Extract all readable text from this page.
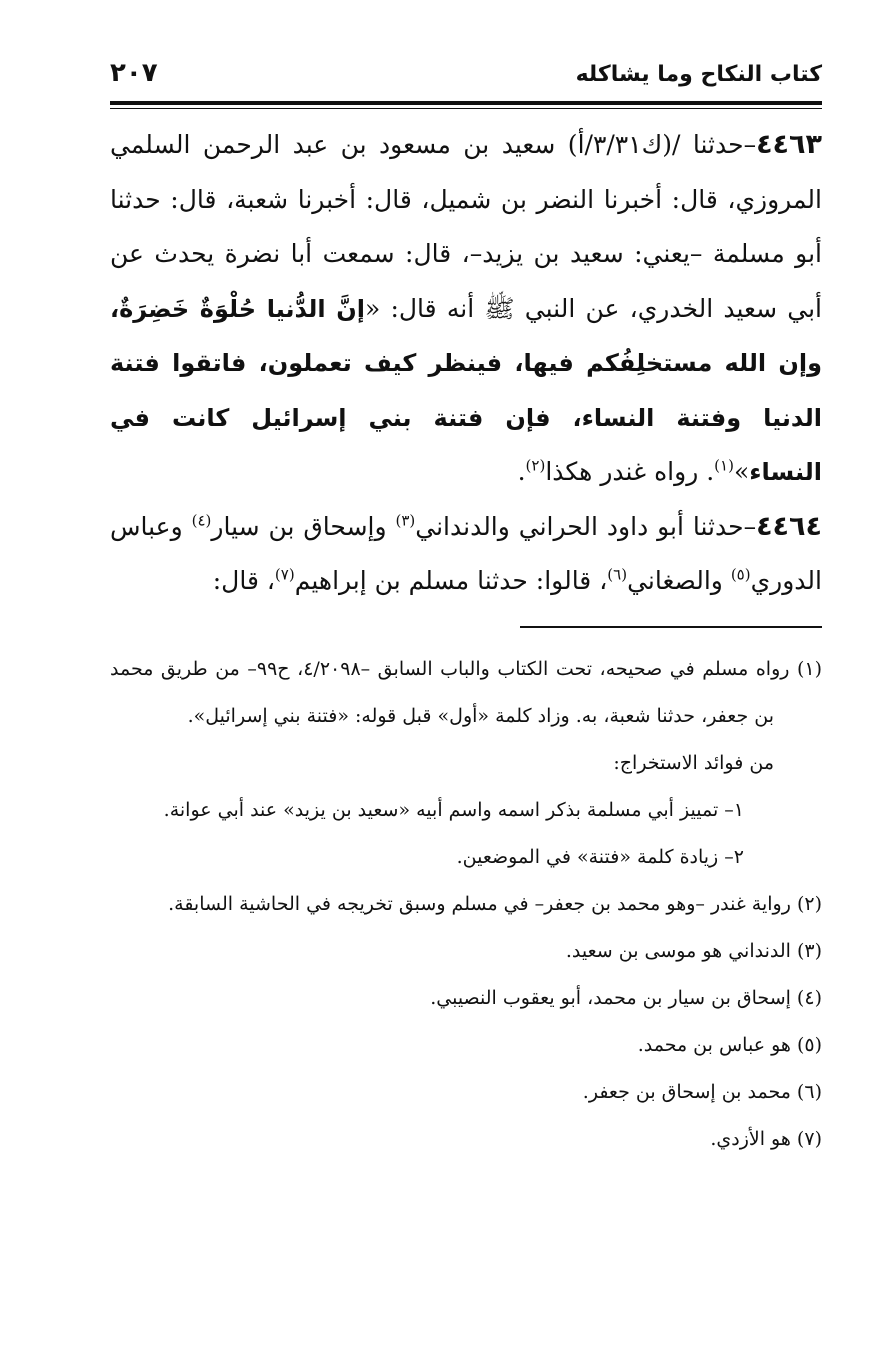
كتاب النكاح وما يشاكله
٢٠٧

٤٤٦٣–حدثنا /(ك٣/٣١/أ) سعيد بن مسعود بن عبد الرحمن السلمي المروزي، قال: أخبرنا النضر بن شميل، قال: أخبرنا شعبة، قال: حدثنا أبو مسلمة –يعني: سعيد بن يزيد–، قال: سمعت أبا نضرة يحدث عن أبي سعيد الخدري، عن النبي ﷺ أنه قال: «إنَّ الدُّنيا حُلْوَةٌ خَضِرَةٌ، وإن الله مستخلِفُكم فيها، فينظر كيف تعملون، فاتقوا فتنة الدنيا وفتنة النساء، فإن فتنة بني إسرائيل كانت في النساء»$^{(١)}$. رواه غندر هكذا$^{(٢)}$.

٤٤٦٤–حدثنا أبو داود الحراني والدنداني$^{(٣)}$ وإسحاق بن سيار$^{(٤)}$ وعباس الدوري$^{(٥)}$ والصغاني$^{(٦)}$، قالوا: حدثنا مسلم بن إبراهيم$^{(٧)}$، قال:

(١) رواه مسلم في صحيحه، تحت الكتاب والباب السابق –٤/٢٠٩٨، ح٩٩– من طريق محمد بن جعفر، حدثنا شعبة، به. وزاد كلمة «أول» قبل قوله: «فتنة بني إسرائيل».

من فوائد الاستخراج:

١– تمييز أبي مسلمة بذكر اسمه واسم أبيه «سعيد بن يزيد» عند أبي عوانة.

٢– زيادة كلمة «فتنة» في الموضعين.

(٢) رواية غندر –وهو محمد بن جعفر– في مسلم وسبق تخريجه في الحاشية السابقة.

(٣) الدنداني هو موسى بن سعيد.

(٤) إسحاق بن سيار بن محمد، أبو يعقوب النصيبي.

(٥) هو عباس بن محمد.

(٦) محمد بن إسحاق بن جعفر.

(٧) هو الأزدي.
